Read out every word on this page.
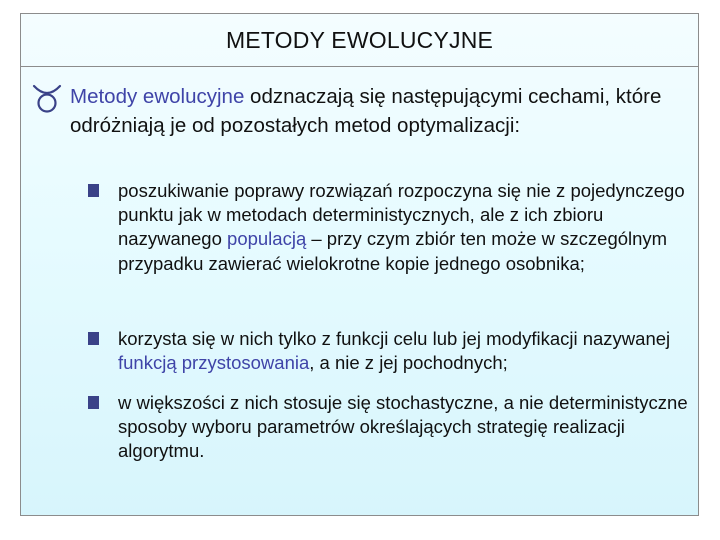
METODY EWOLUCYJNE
Metody ewolucyjne odznaczają się następującymi cechami, które odróżniają je od pozostałych metod optymalizacji:
poszukiwanie poprawy rozwiązań rozpoczyna się nie z pojedynczego punktu jak w metodach deterministycznych, ale z ich zbioru nazywanego populacją – przy czym zbiór ten może w szczególnym przypadku zawierać wielokrotne kopie jednego osobnika;
korzysta się w nich tylko z funkcji celu lub jej modyfikacji nazywanej funkcją przystosowania, a nie z jej pochodnych;
w większości z nich stosuje się stochastyczne, a nie deterministyczne sposoby wyboru parametrów określających strategię realizacji algorytmu.
